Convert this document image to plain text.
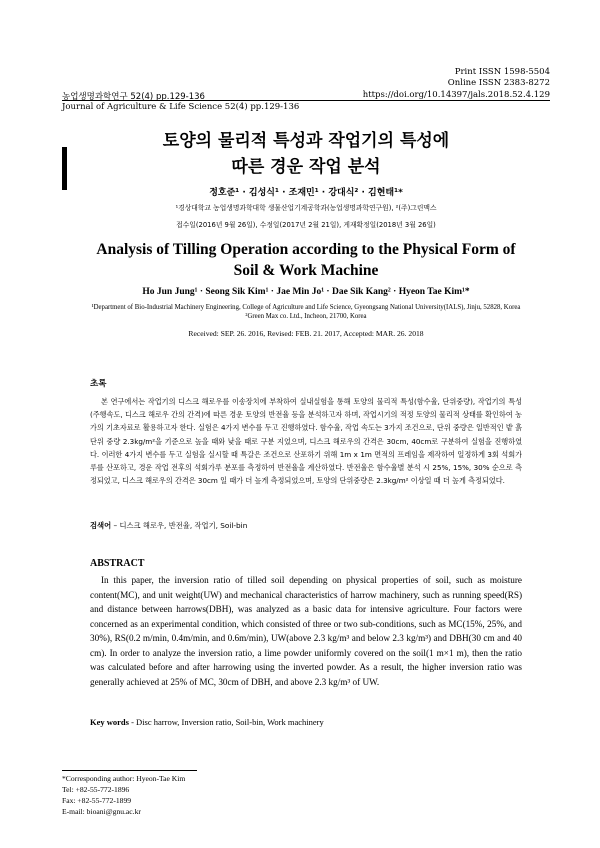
Print ISSN 1598-5504
Online ISSN 2383-8272
농업생명과학연구 52(4) pp.129-136	https://doi.org/10.14397/jals.2018.52.4.129
Journal of Agriculture & Life Science 52(4) pp.129-136
토양의 물리적 특성과 작업기의 특성에
따른 경운 작업 분석
정호준¹ · 김성식¹ · 조재민¹ · 강대식² · 김현태¹*
¹경상대학교 농업생명과학대학 생물산업기계공학과(농업생명과학연구원), ²(주)그린맥스
접수일(2016년 9월 26일), 수정일(2017년 2월 21일), 게재확정일(2018년 3월 26일)
Analysis of Tilling Operation according to the Physical Form of
Soil & Work Machine
Ho Jun Jung¹ · Seong Sik Kim¹ · Jae Min Jo¹ · Dae Sik Kang² · Hyeon Tae Kim¹*
¹Department of Bio-Industrial Machinery Engineering, College of Agriculture and Life Science, Gyeongsang National University(IALS), Jinju, 52828, Korea
²Green Max co. Ltd., Incheon, 21700, Korea
Received: SEP. 26. 2016, Revised: FEB. 21. 2017, Accepted: MAR. 26. 2018
초록

본 연구에서는 작업기의 디스크 해로우를 이송장치에 부착하여 실내실험을 통해 토양의 물리적 특성(함수율, 단위중량), 작업기의 특성(주행속도, 디스크 해로우 간의 간격)에 따른 경운 토양의 반전율 등을 분석하고자 하며, 작업시기의 적정 토양의 물리적 상태를 확인하여 농가의 기초자료로 활용하고자 한다. 실험은 4가지 변수를 두고 진행하였다. 함수율, 작업 속도는 3가지 조건으로, 단위 중량은 일반적인 밭 흙 단위 중량 2.3kg/m²을 기준으로 높을 때와 낮을 때로 구분 지었으며, 디스크 해로우의 간격은 30cm, 40cm로 구분하여 실험을 진행하였다. 이러한 4가지 변수를 두고 실험을 실시할 때 특갈은 조건으로 산포하기 위해 1m x 1m 면적의 프레임을 제작하여 일정하게 3회 석회가루를 산포하고, 경운 작업 전후의 석회가루 분포를 측정하여 반전율을 계산하였다. 반전율은 함수율별 분석 시 25%, 15%, 30% 순으로 측정되었고, 디스크 해로우의 간격은 30cm 일 때가 더 높게 측정되었으며, 토양의 단위중량은 2.3kg/m² 이상일 때 더 높게 측정되었다.

검색어 – 디스크 해로우, 반전율, 작업기, Soil-bin
ABSTRACT

In this paper, the inversion ratio of tilled soil depending on physical properties of soil, such as moisture content(MC), and unit weight(UW) and mechanical characteristics of harrow machinery, such as running speed(RS) and distance between harrows(DBH), was analyzed as a basic data for intensive agriculture. Four factors were concerned as an experimental condition, which consisted of three or two sub-conditions, such as MC(15%, 25%, and 30%), RS(0.2 m/min, 0.4m/min, and 0.6m/min), UW(above 2.3 kg/m³ and below 2.3 kg/m³) and DBH(30 cm and 40 cm). In order to analyze the inversion ratio, a lime powder uniformly covered on the soil(1 m×1 m), then the ratio was calculated before and after harrowing using the inverted powder. As a result, the higher inversion ratio was generally achieved at 25% of MC, 30cm of DBH, and above 2.3 kg/m³ of UW.

Key words - Disc harrow, Inversion ratio, Soil-bin, Work machinery
*Corresponding author: Hyeon-Tae Kim
Tel: +82-55-772-1896
Fax: +82-55-772-1899
E-mail: bioani@gnu.ac.kr
